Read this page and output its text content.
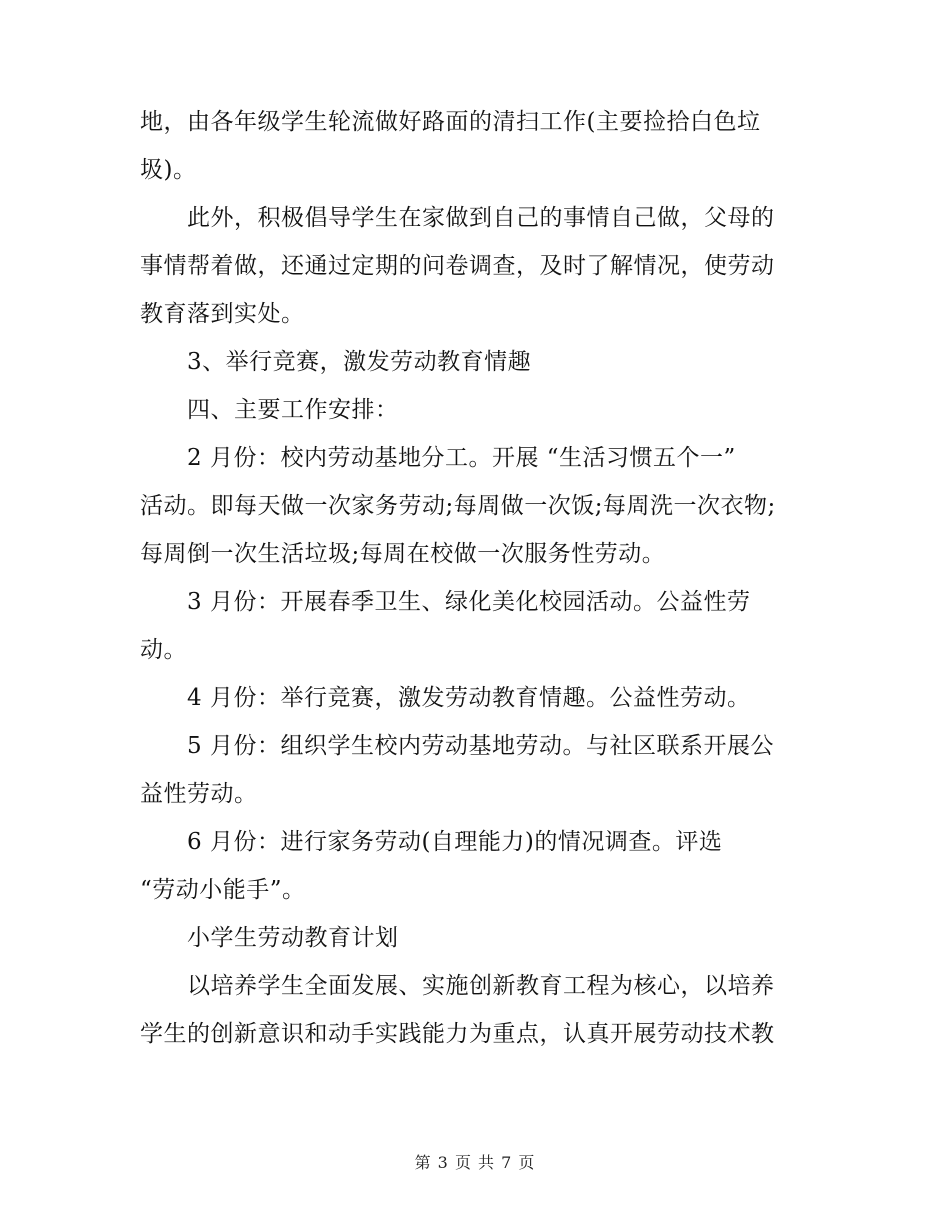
地，由各年级学生轮流做好路面的清扫工作(主要捡拾白色垃
圾)。
此外，积极倡导学生在家做到自己的事情自己做，父母的
事情帮着做，还通过定期的问卷调查，及时了解情况，使劳动
教育落到实处。
3、举行竞赛，激发劳动教育情趣
四、主要工作安排：
2 月份：校内劳动基地分工。开展 “生活习惯五个一”
活动。即每天做一次家务劳动;每周做一次饭;每周洗一次衣物;
每周倒一次生活垃圾;每周在校做一次服务性劳动。
3 月份：开展春季卫生、绿化美化校园活动。公益性劳
动。
4 月份：举行竞赛，激发劳动教育情趣。公益性劳动。
5 月份：组织学生校内劳动基地劳动。与社区联系开展公
益性劳动。
6 月份：进行家务劳动(自理能力)的情况调查。评选
“劳动小能手”。
小学生劳动教育计划
以培养学生全面发展、实施创新教育工程为核心，以培养
学生的创新意识和动手实践能力为重点，认真开展劳动技术教
第 3 页 共 7 页
